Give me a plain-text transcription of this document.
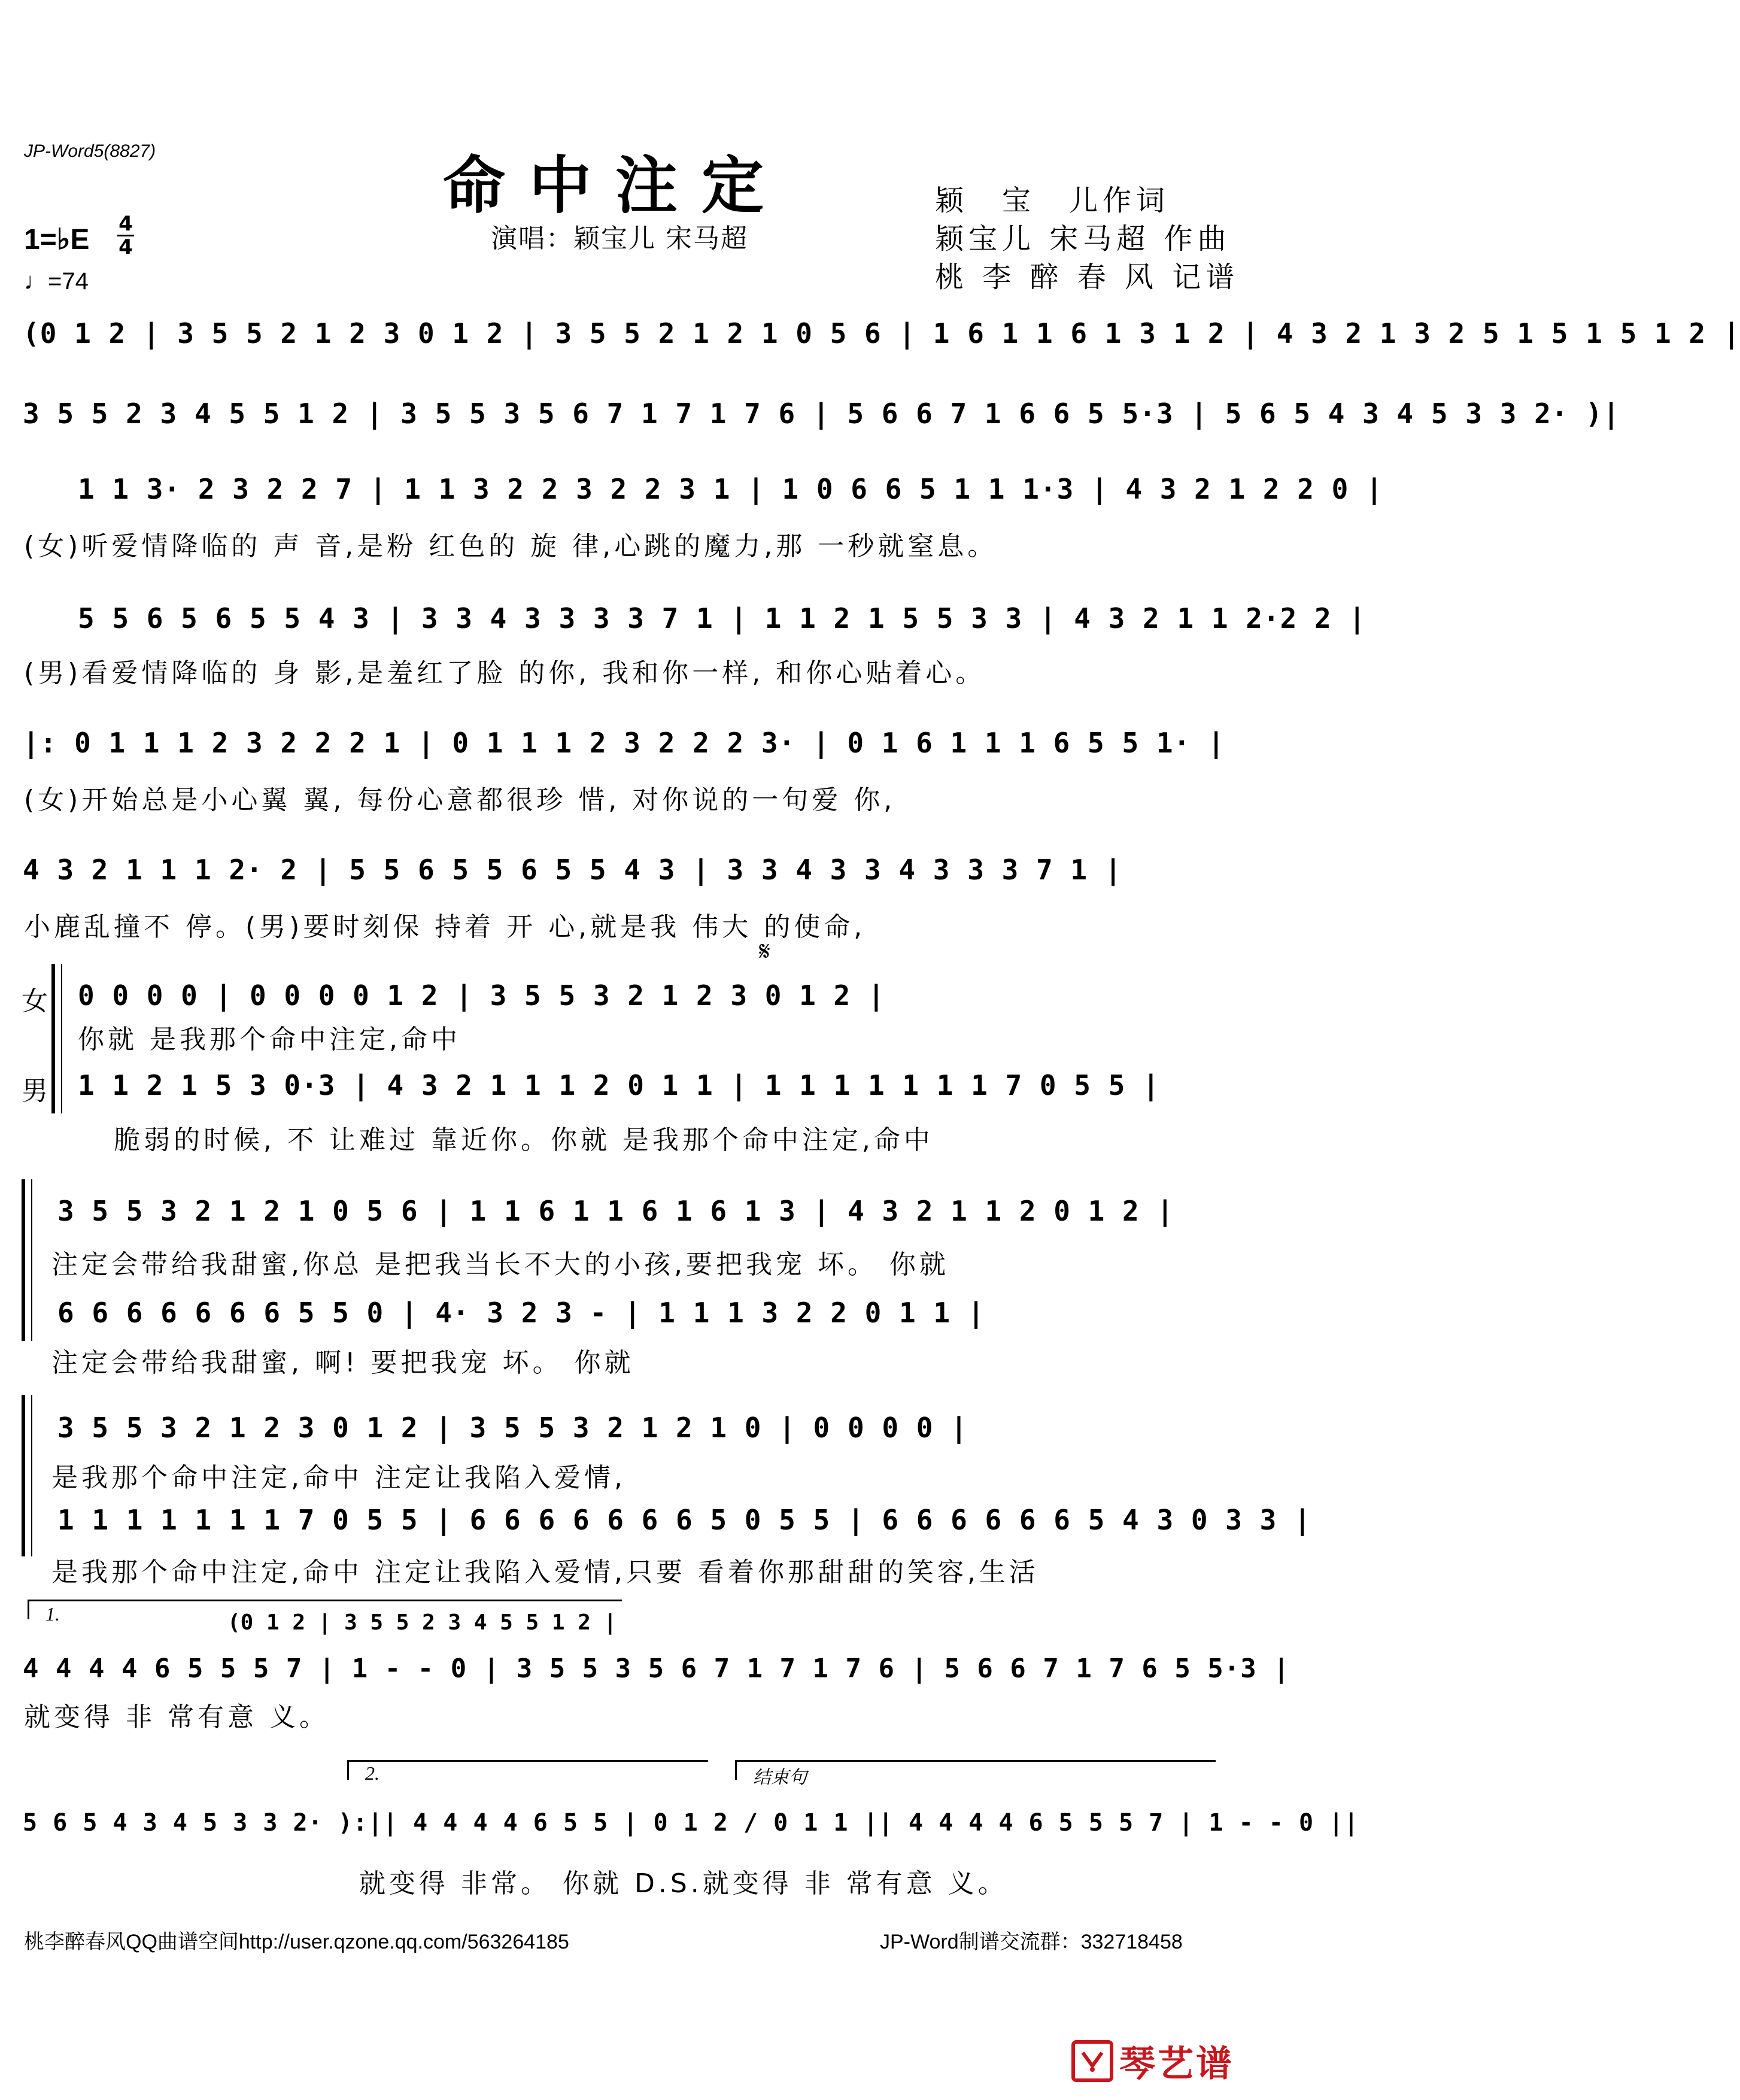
JP-Word5(8827)	命中注定
演唱：颖宝儿 宋马超
颖　宝　儿作词
颖宝儿 宋马超 作曲
桃 李 醉 春 风 记谱
1=♭E 4
4
♩=74
(0 1 2 | 3 5 5 2 1 2 3 0 1 2 | 3 5 5 2 1 2 1 0 5 6 | 1 6 1 1 6 1 3 1 2 | 4 3 2 1 3 2 5 1 5 1 5 1 2 |
3 5 5 2 3 4 5 5 1 2 | 3 5 5 3 5 6 7 1 7 1 7 6 | 5 6 6 7 1 6 6 5 5·3 | 5 6 5 4 3 4 5 3 3 2· )|
1 1 3· 2 3 2 2 7 | 1 1 3 2 2 3 2 2 3 1 | 1 0 6 6 5 1 1 1·3 | 4 3 2 1 2 2 0 |
(女)听爱情降临的 声 音,是粉 红色的 旋 律,心跳的魔力,那 一秒就窒息。
5 5 6 5 6 5 5 4 3 | 3 3 4 3 3 3 3 7 1 | 1 1 2 1 5 5 3 3 | 4 3 2 1 1 2·2 2 |
(男)看爱情降临的 身 影,是羞红了脸 的你, 我和你一样, 和你心贴着心。
|: 0 1 1 1 2 3 2 2 2 1 | 0 1 1 1 2 3 2 2 2 3· | 0 1 6 1 1 1 6 5 5 1· |
(女)开始总是小心翼 翼, 每份心意都很珍 惜, 对你说的一句爱 你,
4 3 2 1 1 1 2· 2 | 5 5 6 5 5 6 5 5 4 3 | 3 3 4 3 3 4 3 3 3 7 1 |
小鹿乱撞不 停。(男)要时刻保 持着 开 心,就是我 伟大 的使命,
𝄋
女
男
0 0 0 0 | 0 0 0 0 1 2 | 3 5 5 3 2 1 2 3 0 1 2 |
你就 是我那个命中注定,命中
1 1 2 1 5 3 0·3 | 4 3 2 1 1 1 2 0 1 1 | 1 1 1 1 1 1 1 7 0 5 5 |
脆弱的时候, 不 让难过 靠近你。你就 是我那个命中注定,命中
3 5 5 3 2 1 2 1 0 5 6 | 1 1 6 1 1 6 1 6 1 3 | 4 3 2 1 1 2 0 1 2 |
注定会带给我甜蜜,你总 是把我当长不大的小孩,要把我宠 坏。 你就
6 6 6 6 6 6 6 5 5 0 | 4· 3 2 3 - | 1 1 1 3 2 2 0 1 1 |
注定会带给我甜蜜, 啊! 要把我宠 坏。 你就
3 5 5 3 2 1 2 3 0 1 2 | 3 5 5 3 2 1 2 1 0 | 0 0 0 0 |
是我那个命中注定,命中 注定让我陷入爱情,
1 1 1 1 1 1 1 7 0 5 5 | 6 6 6 6 6 6 6 5 0 5 5 | 6 6 6 6 6 6 5 4 3 0 3 3 |
是我那个命中注定,命中 注定让我陷入爱情,只要 看着你那甜甜的笑容,生活
1.	(0 1 2 | 3 5 5 2 3 4 5 5 1 2 |
4 4 4 4 6 5 5 5 7 | 1 - - 0 | 3 5 5 3 5 6 7 1 7 1 7 6 | 5 6 6 7 1 7 6 5 5·3 |
就变得 非 常有意 义。
2.	结束句
5 6 5 4 3 4 5 3 3 2· ):|| 4 4 4 4 6 5 5 | 0 1 2 / 0 1 1 || 4 4 4 4 6 5 5 5 7 | 1 - - 0 ||
就变得 非常。 你就 D.S.就变得 非 常有意 义。
桃李醉春风QQ曲谱空间http://user.qzone.qq.com/563264185	JP-Word制谱交流群：332718458
琴艺谱
